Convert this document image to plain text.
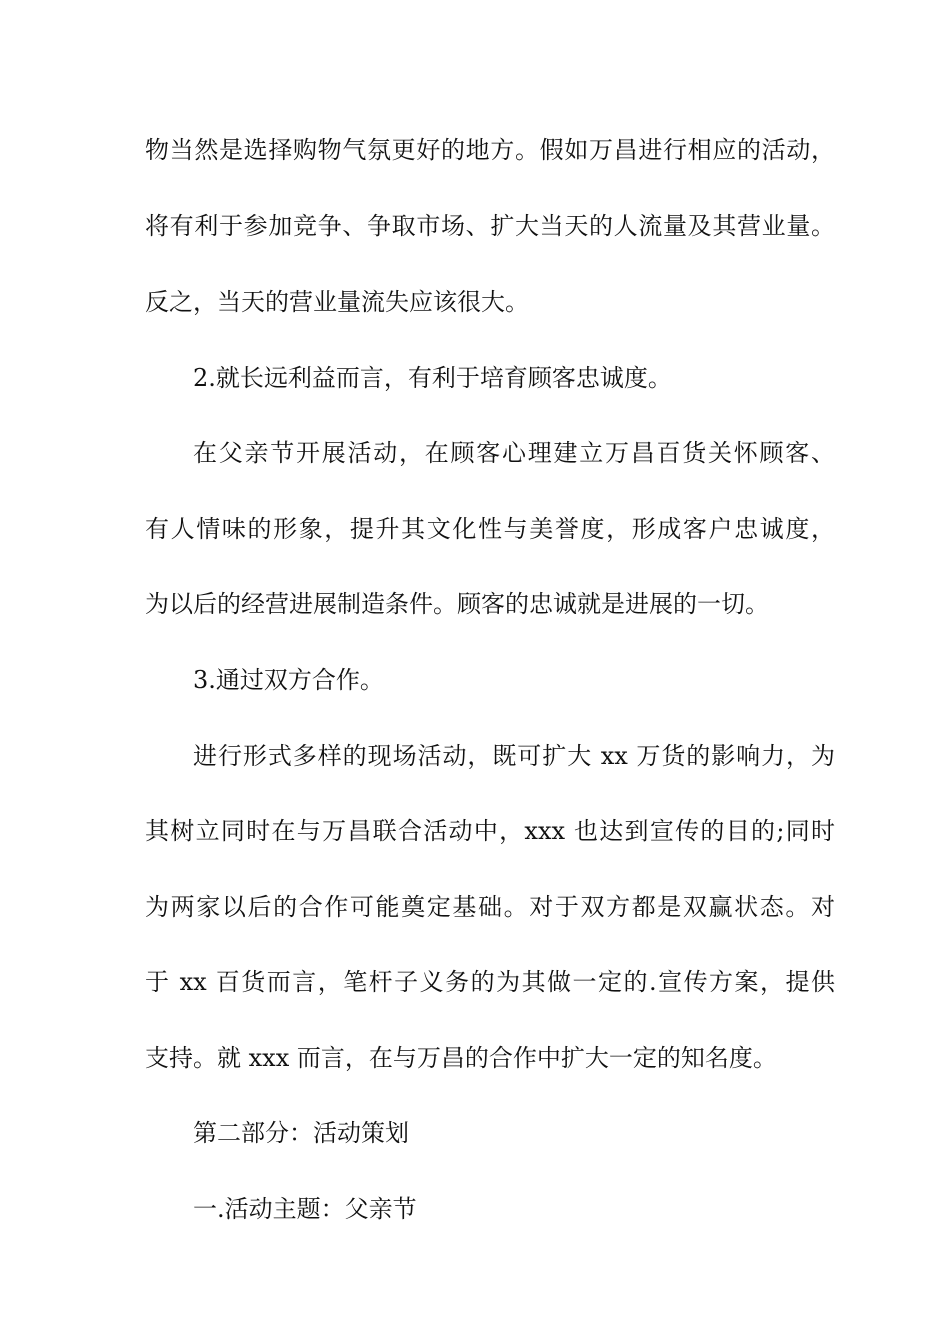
物当然是选择购物气氛更好的地方。假如万昌进行相应的活动，
将有利于参加竞争、争取市场、扩大当天的人流量及其营业量。
反之，当天的营业量流失应该很大。
2.就长远利益而言，有利于培育顾客忠诚度。
在父亲节开展活动，在顾客心理建立万昌百货关怀顾客、
有人情味的形象，提升其文化性与美誉度，形成客户忠诚度，
为以后的经营进展制造条件。顾客的忠诚就是进展的一切。
3.通过双方合作。
进行形式多样的现场活动，既可扩大 xx 万货的影响力，为
其树立同时在与万昌联合活动中，xxx 也达到宣传的目的;同时
为两家以后的合作可能奠定基础。对于双方都是双赢状态。对
于 xx 百货而言，笔杆子义务的为其做一定的.宣传方案，提供
支持。就 xxx 而言，在与万昌的合作中扩大一定的知名度。
第二部分：活动策划
一.活动主题：父亲节
